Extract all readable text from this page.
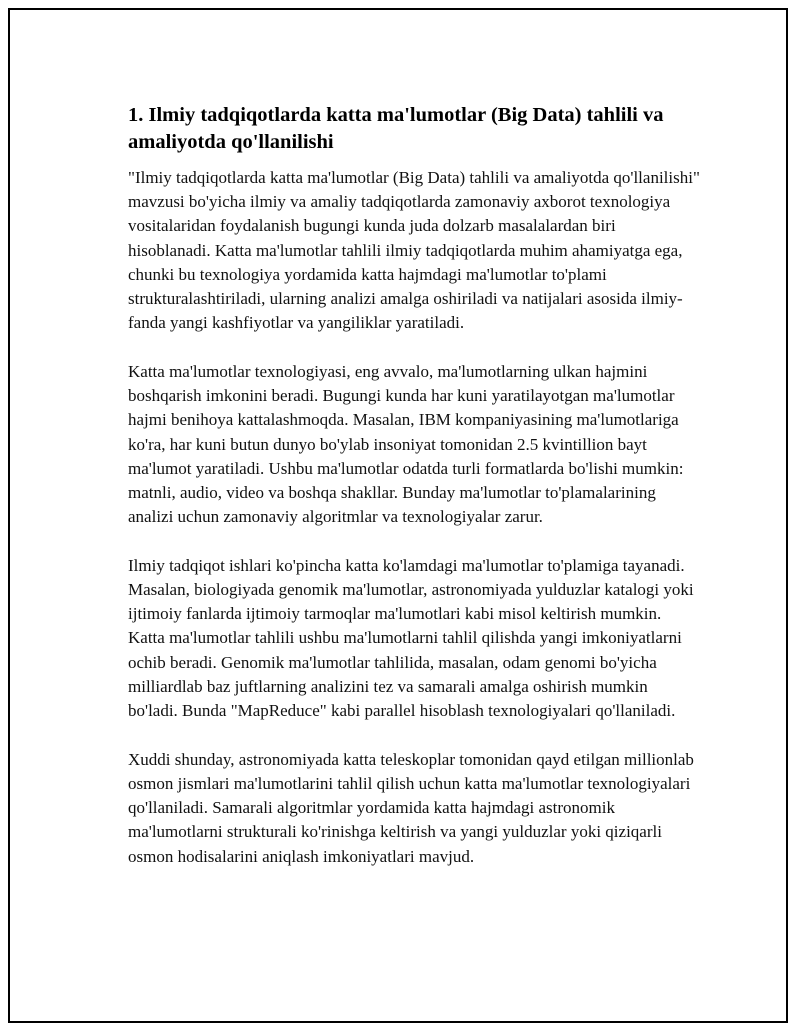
1. Ilmiy tadqiqotlarda katta ma'lumotlar (Big Data) tahlili va amaliyotda qo'llanilishi

"Ilmiy tadqiqotlarda katta ma'lumotlar (Big Data) tahlili va amaliyotda qo'llanilishi" mavzusi bo'yicha ilmiy va amaliy tadqiqotlarda zamonaviy axborot texnologiya vositalaridan foydalanish bugungi kunda juda dolzarb masalalardan biri hisoblanadi. Katta ma'lumotlar tahlili ilmiy tadqiqotlarda muhim ahamiyatga ega, chunki bu texnologiya yordamida katta hajmdagi ma'lumotlar to'plami strukturalashtiriladi, ularning analizi amalga oshiriladi va natijalari asosida ilmiy-fanda yangi kashfiyotlar va yangiliklar yaratiladi.

Katta ma'lumotlar texnologiyasi, eng avvalo, ma'lumotlarning ulkan hajmini boshqarish imkonini beradi. Bugungi kunda har kuni yaratilayotgan ma'lumotlar hajmi benihoya kattalashmoqda. Masalan, IBM kompaniyasining ma'lumotlariga ko'ra, har kuni butun dunyo bo'ylab insoniyat tomonidan 2.5 kvintillion bayt ma'lumot yaratiladi. Ushbu ma'lumotlar odatda turli formatlarda bo'lishi mumkin: matnli, audio, video va boshqa shakllar. Bunday ma'lumotlar to'plamalarining analizi uchun zamonaviy algoritmlar va texnologiyalar zarur.

Ilmiy tadqiqot ishlari ko'pincha katta ko'lamdagi ma'lumotlar to'plamiga tayanadi. Masalan, biologiyada genomik ma'lumotlar, astronomiyada yulduzlar katalogi yoki ijtimoiy fanlarda ijtimoiy tarmoqlar ma'lumotlari kabi misol keltirish mumkin. Katta ma'lumotlar tahlili ushbu ma'lumotlarni tahlil qilishda yangi imkoniyatlarni ochib beradi. Genomik ma'lumotlar tahlilida, masalan, odam genomi bo'yicha milliardlab baz juftlarning analizini tez va samarali amalga oshirish mumkin bo'ladi. Bunda "MapReduce" kabi parallel hisoblash texnologiyalari qo'llaniladi.

Xuddi shunday, astronomiyada katta teleskoplar tomonidan qayd etilgan millionlab osmon jismlari ma'lumotlarini tahlil qilish uchun katta ma'lumotlar texnologiyalari qo'llaniladi. Samarali algoritmlar yordamida katta hajmdagi astronomik ma'lumotlarni strukturali ko'rinishga keltirish va yangi yulduzlar yoki qiziqarli osmon hodisalarini aniqlash imkoniyatlari mavjud.
